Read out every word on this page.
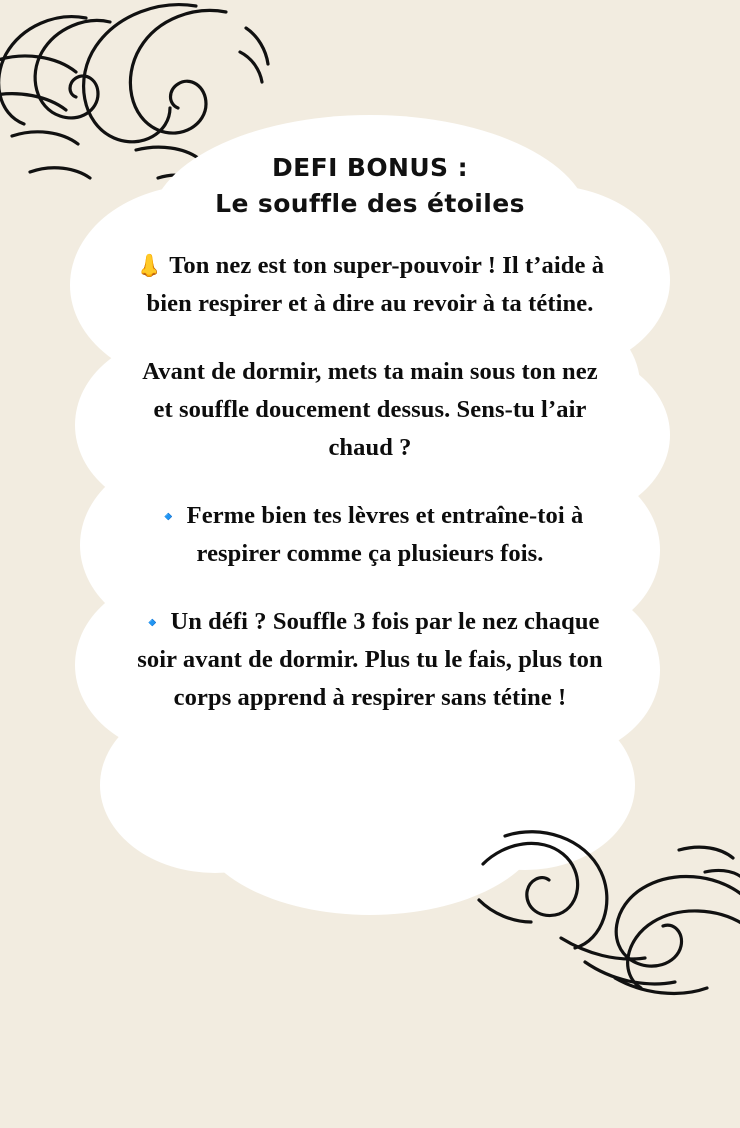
DEFI BONUS :
Le souffle des étoiles

👃 Ton nez est ton super-pouvoir ! Il t’aide à bien respirer et à dire au revoir à ta tétine.

Avant de dormir, mets ta main sous ton nez et souffle doucement dessus. Sens-tu l’air chaud ?

🔹 Ferme bien tes lèvres et entraîne-toi à respirer comme ça plusieurs fois.

🔹 Un défi ? Souffle 3 fois par le nez chaque soir avant de dormir. Plus tu le fais, plus ton corps apprend à respirer sans tétine !
